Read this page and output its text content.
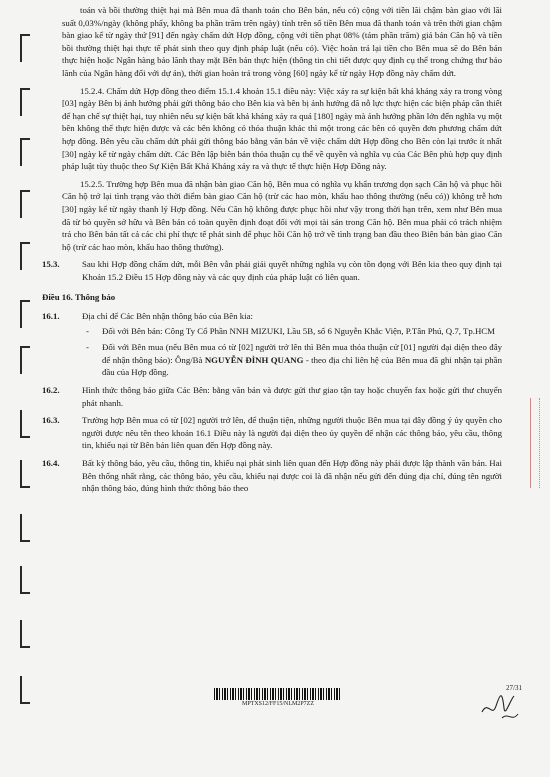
toán và bồi thường thiệt hại mà Bên mua đã thanh toán cho Bên bán, nếu có) cộng với tiền lãi chậm bàn giao với lãi suất 0,03%/ngày (không phẩy, không ba phần trăm trên ngày) tính trên số tiền Bên mua đã thanh toán và trên thời gian chậm bàn giao kể từ ngày thứ [91] đến ngày chấm dứt Hợp đồng, cộng với tiền phạt 08% (tám phần trăm) giá bán Căn hộ và tiền bồi thường thiệt hại thực tế phát sinh theo quy định pháp luật (nếu có). Việc hoàn trả lại tiền cho Bên mua sẽ do Bên bán thực hiện hoặc Ngân hàng bảo lãnh thay mặt Bên bán thực hiện (thông tin chi tiết được quy định cụ thể trong chứng thư bảo lãnh của Ngân hàng đối với dự án), thời gian hoàn trả trong vòng [60] ngày kể từ ngày Hợp đồng này chấm dứt.

15.2.4. Chấm dứt Hợp đồng theo điểm 15.1.4 khoản 15.1 điều này: Việc xảy ra sự kiện bất khả kháng xảy ra trong vòng [03] ngày Bên bị ảnh hưởng phải gửi thông báo cho Bên kia và bên bị ảnh hưởng đã nỗ lực thực hiện các biện pháp cần thiết để hạn chế sự thiệt hại, tuy nhiên nếu sự kiện bất khả kháng xảy ra quá [180] ngày mà ảnh hưởng phần lớn đến nghĩa vụ một bên không thể thực hiện được và các bên không có thỏa thuận khác thì một trong các bên có quyền đơn phương chấm dứt hợp đồng. Bên yêu cầu chấm dứt phải gửi thông báo bằng văn bản về việc chấm dứt Hợp đồng cho Bên còn lại trước ít nhất [30] ngày kể từ ngày chấm dứt. Các Bên lập biên bản thỏa thuận cụ thể về quyền và nghĩa vụ của Các Bên phù hợp quy định pháp luật tùy thuộc theo Sự Kiện Bất Khả Kháng xảy ra và thực tế thực hiện Hợp Đồng này.

15.2.5. Trường hợp Bên mua đã nhận bàn giao Căn hộ, Bên mua có nghĩa vụ khẩn trương dọn sạch Căn hộ và phục hồi Căn hộ trở lại tình trạng vào thời điểm bàn giao Căn hộ (trừ các hao mòn, khấu hao thông thường (nếu có)) không trễ hơn [30] ngày kể từ ngày thanh lý Hợp đồng. Nếu Căn hộ không được phục hồi như vậy trong thời hạn trên, xem như Bên mua đã từ bỏ quyền sở hữu và Bên bán có toàn quyền định đoạt đối với mọi tài sản trong Căn hộ. Bên mua phải có trách nhiệm trả cho Bên bán tất cả các chi phí thực tế phát sinh để phục hồi Căn hộ trở về tình trạng ban đầu theo Biên bản bàn giao Căn hộ (trừ các hao mòn, khấu hao thông thường).

15.3.	Sau khi Hợp đồng chấm dứt, mỗi Bên vẫn phải giải quyết những nghĩa vụ còn tồn đọng với Bên kia theo quy định tại Khoản 15.2 Điều 15 Hợp đồng này và các quy định của pháp luật có liên quan.
Điều 16. Thông báo
16.1.	Địa chỉ để Các Bên nhận thông báo của Bên kia:
-	Đối với Bên bán: Công Ty Cổ Phần NNH MIZUKI, Lầu 5B, số 6 Nguyễn Khắc Viện, P.Tân Phú, Q.7, Tp.HCM
-	Đối với Bên mua (nếu Bên mua có từ [02] người trở lên thì Bên mua thỏa thuận cử [01] người đại diện theo đây để nhận thông báo): Ông/Bà NGUYỄN ĐÌNH QUANG - theo địa chỉ liên hệ của Bên mua đã ghi nhận tại phần đầu của Hợp đồng.
16.2.	Hình thức thông báo giữa Các Bên: bằng văn bản và được gửi thư giao tận tay hoặc chuyển fax hoặc gửi thư chuyển phát nhanh.
16.3.	Trường hợp Bên mua có từ [02] người trở lên, để thuận tiện, những người thuộc Bên mua tại đây đồng ý ủy quyền cho người được nêu tên theo khoản 16.1 Điều này là người đại diện theo ủy quyền để nhận các thông báo, yêu cầu, thông tin, khiếu nại từ Bên bán liên quan đến Hợp đồng này.
16.4.	Bất kỳ thông báo, yêu cầu, thông tin, khiếu nại phát sinh liên quan đến Hợp đồng này phải được lập thành văn bản. Hai Bên thống nhất rằng, các thông báo, yêu cầu, khiếu nại được coi là đã nhận nếu gửi đến đúng địa chỉ, đúng tên người nhận thông báo, đúng hình thức thông báo theo
MPTXS12/FF15/NLM2P7ZZ
27/31
